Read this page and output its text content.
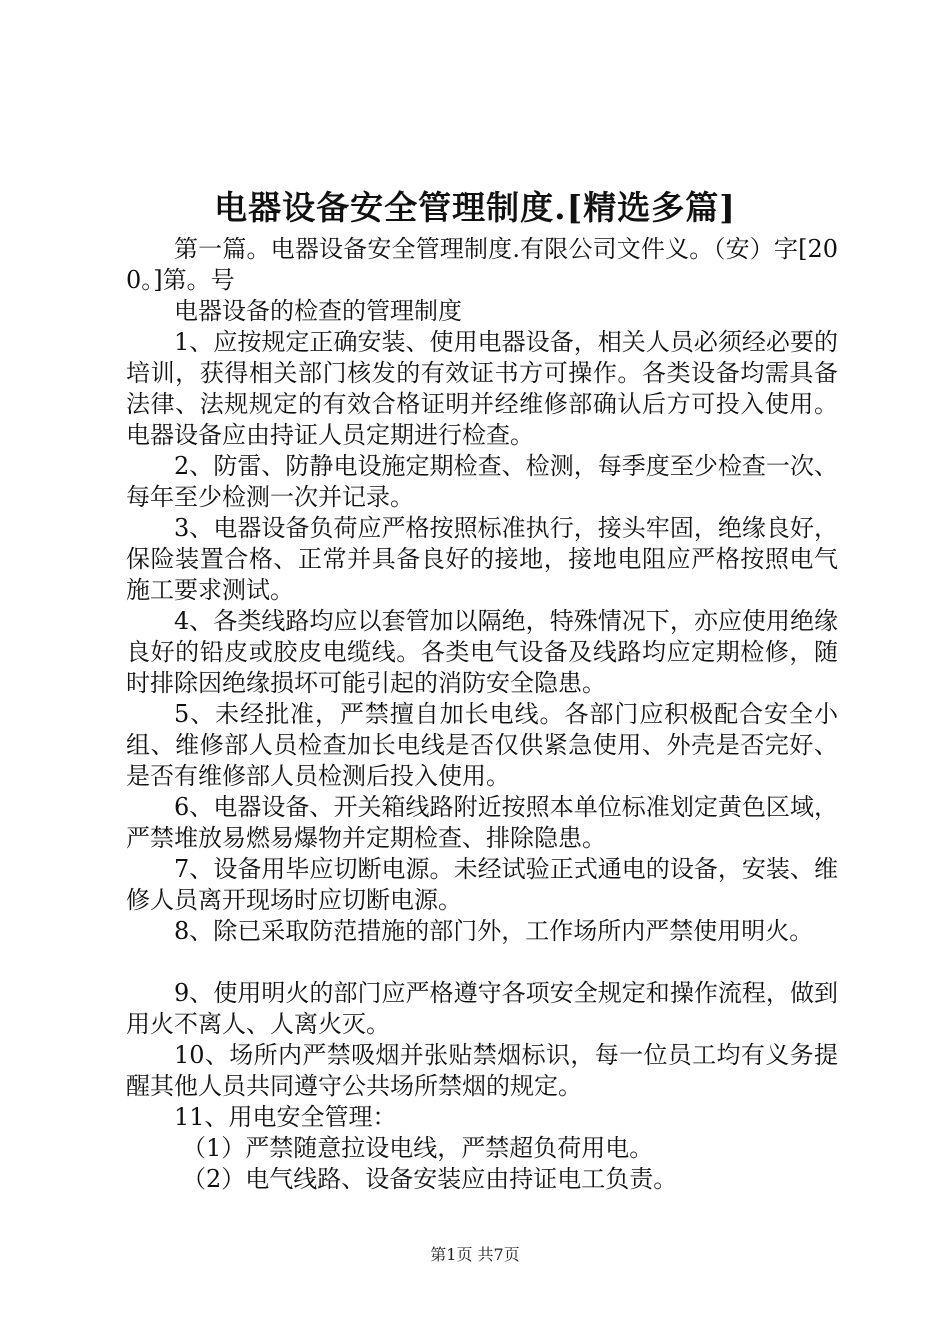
电器设备安全管理制度.[精选多篇]

第一篇。电器设备安全管理制度.有限公司文件义。（安）字[200。]第。号

电器设备的检查的管理制度

1、应按规定正确安装、使用电器设备，相关人员必须经必要的培训，获得相关部门核发的有效证书方可操作。各类设备均需具备法律、法规规定的有效合格证明并经维修部确认后方可投入使用。电器设备应由持证人员定期进行检查。

2、防雷、防静电设施定期检查、检测，每季度至少检查一次、每年至少检测一次并记录。

3、电器设备负荷应严格按照标准执行，接头牢固，绝缘良好，保险装置合格、正常并具备良好的接地，接地电阻应严格按照电气施工要求测试。

4、各类线路均应以套管加以隔绝，特殊情况下，亦应使用绝缘良好的铅皮或胶皮电缆线。各类电气设备及线路均应定期检修，随时排除因绝缘损坏可能引起的消防安全隐患。

5、未经批准，严禁擅自加长电线。各部门应积极配合安全小组、维修部人员检查加长电线是否仅供紧急使用、外壳是否完好、是否有维修部人员检测后投入使用。

6、电器设备、开关箱线路附近按照本单位标准划定黄色区域，严禁堆放易燃易爆物并定期检查、排除隐患。

7、设备用毕应切断电源。未经试验正式通电的设备，安装、维修人员离开现场时应切断电源。

8、除已采取防范措施的部门外，工作场所内严禁使用明火。

9、使用明火的部门应严格遵守各项安全规定和操作流程，做到用火不离人、人离火灭。

10、场所内严禁吸烟并张贴禁烟标识，每一位员工均有义务提醒其他人员共同遵守公共场所禁烟的规定。

11、用电安全管理：

（1）严禁随意拉设电线，严禁超负荷用电。

（2）电气线路、设备安装应由持证电工负责。

第1页 共7页
